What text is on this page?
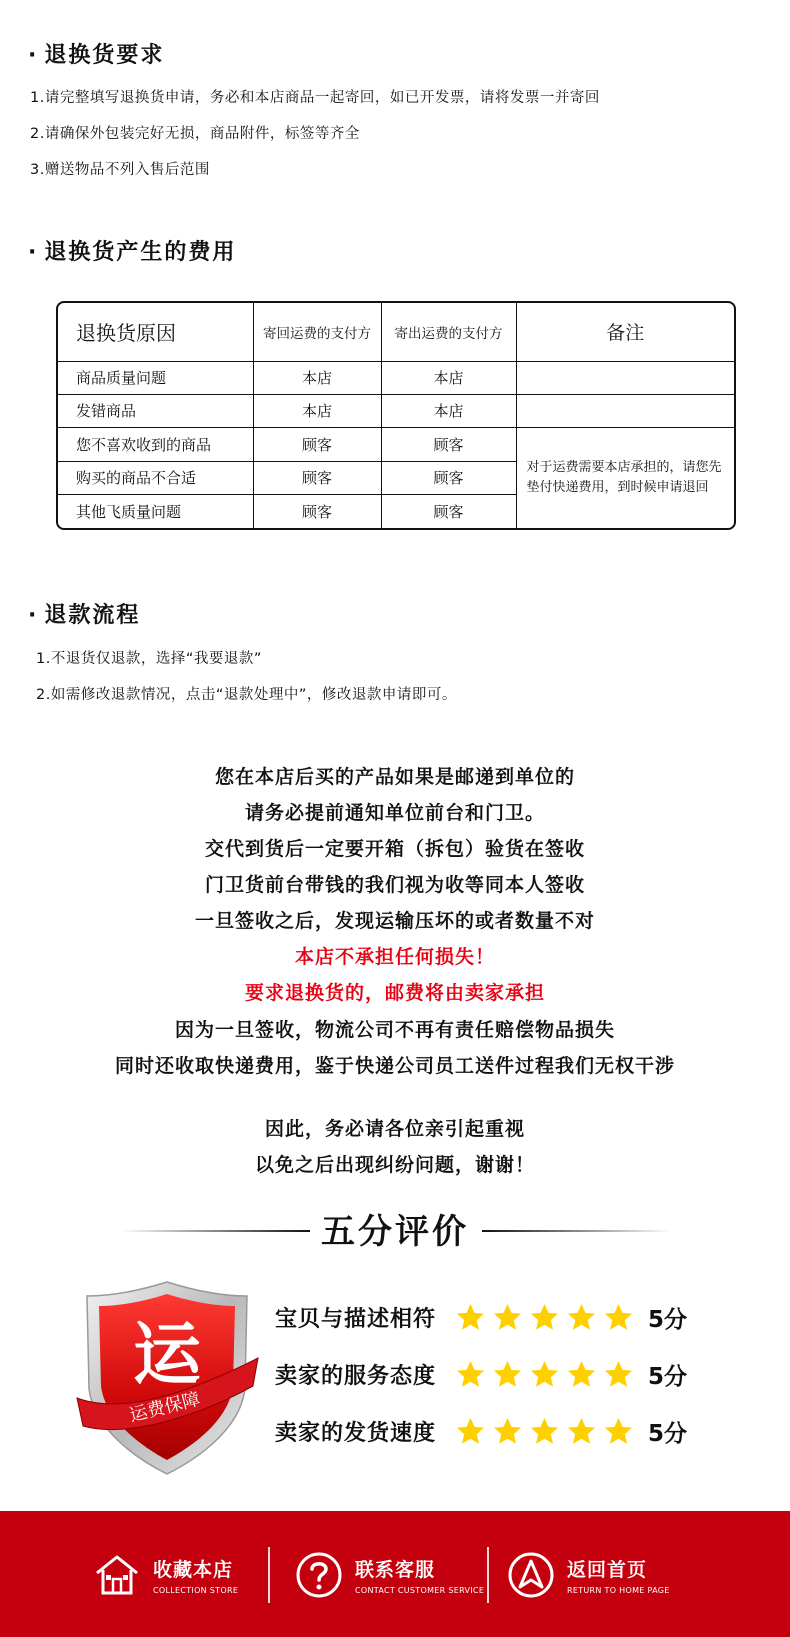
· 退换货要求
1.请完整填写退换货申请，务必和本店商品一起寄回，如已开发票，请将发票一并寄回
2.请确保外包装完好无损，商品附件，标签等齐全
3.赠送物品不列入售后范围
· 退换货产生的费用
退换货原因	寄回运费的支付方	寄出运费的支付方	备注
商品质量问题	本店	本店	
发错商品	本店	本店	
您不喜欢收到的商品	顾客	顾客	对于运费需要本店承担的，请您先垫付快递费用，到时候申请退回
购买的商品不合适	顾客	顾客	
其他飞质量问题	顾客	顾客	
· 退款流程
1.不退货仅退款，选择“我要退款”
2.如需修改退款情况，点击“退款处理中”，修改退款申请即可。
您在本店后买的产品如果是邮递到单位的
请务必提前通知单位前台和门卫。
交代到货后一定要开箱（拆包）验货在签收
门卫货前台带钱的我们视为收等同本人签收
一旦签收之后，发现运输压坏的或者数量不对
本店不承担任何损失！
要求退换货的，邮费将由卖家承担
因为一旦签收，物流公司不再有责任赔偿物品损失
同时还收取快递费用，鉴于快递公司员工送件过程我们无权干涉
因此，务必请各位亲引起重视
以免之后出现纠纷问题，谢谢！
五分评价
运
运费保障
宝贝与描述相符	5分
卖家的服务态度	5分
卖家的发货速度	5分
收藏本店
COLLECTION STORE
联系客服
CONTACT CUSTOMER SERVICE
返回首页
RETURN TO HOME PAGE
